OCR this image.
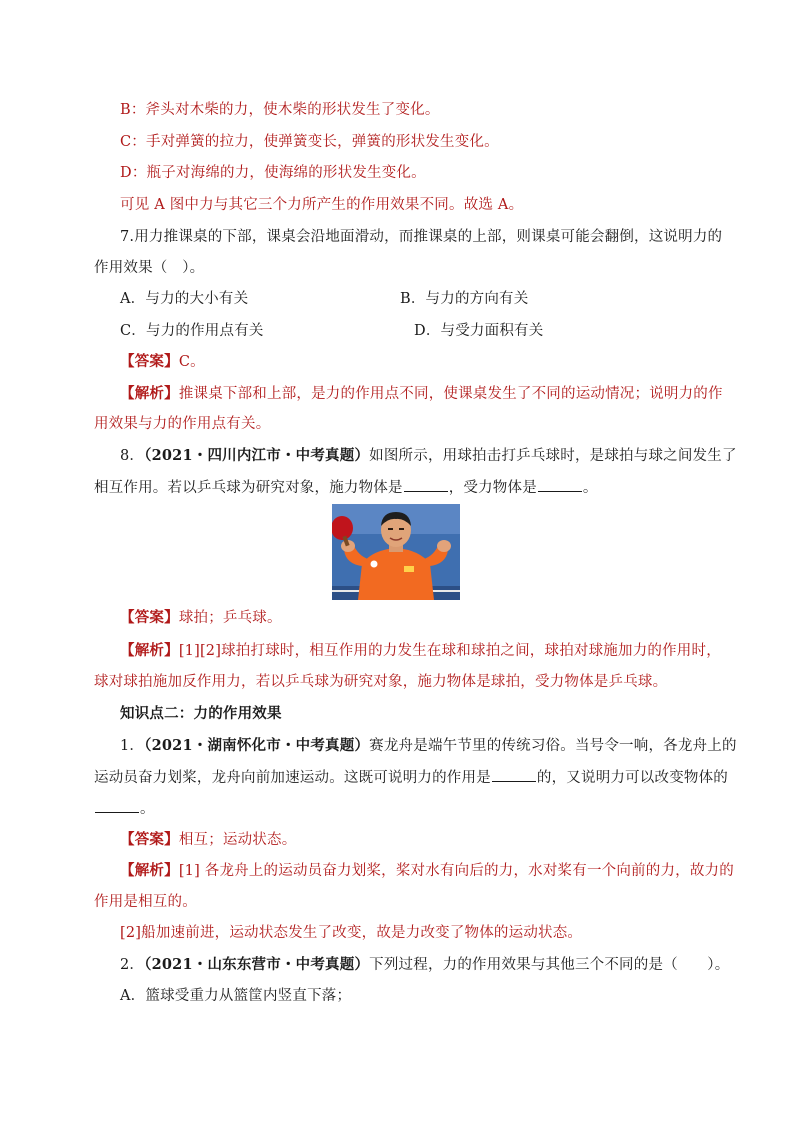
B：斧头对木柴的力，使木柴的形状发生了变化。
C：手对弹簧的拉力，使弹簧变长，弹簧的形状发生变化。
D：瓶子对海绵的力，使海绵的形状发生变化。
可见 A 图中力与其它三个力所产生的作用效果不同。故选 A。
7.用力推课桌的下部，课桌会沿地面滑动，而推课桌的上部，则课桌可能会翻倒，这说明力的
作用效果（　）。
A．与力的大小有关	B．与力的方向有关
C．与力的作用点有关	D．与受力面积有关
【答案】C。
【解析】推课桌下部和上部，是力的作用点不同，使课桌发生了不同的运动情况；说明力的作
用效果与力的作用点有关。
8．（2021・四川内江市・中考真题）如图所示，用球拍击打乒乓球时，是球拍与球之间发生了
相互作用。若以乒乓球为研究对象，施力物体是	，受力物体是	。
【答案】球拍；乒乓球。
【解析】[1][2]球拍打球时，相互作用的力发生在球和球拍之间，球拍对球施加力的作用时，
球对球拍施加反作用力，若以乒乓球为研究对象，施力物体是球拍，受力物体是乒乓球。
知识点二：力的作用效果
1．（2021・湖南怀化市・中考真题）赛龙舟是端午节里的传统习俗。当号令一响，各龙舟上的
运动员奋力划桨，龙舟向前加速运动。这既可说明力的作用是	的，又说明力可以改变物体的
。
【答案】相互；运动状态。
【解析】[1] 各龙舟上的运动员奋力划桨，桨对水有向后的力，水对桨有一个向前的力，故力的
作用是相互的。
[2]船加速前进，运动状态发生了改变，故是力改变了物体的运动状态。
2．（2021・山东东营市・中考真题）下列过程，力的作用效果与其他三个不同的是（　　）。
A．篮球受重力从篮筐内竖直下落；
